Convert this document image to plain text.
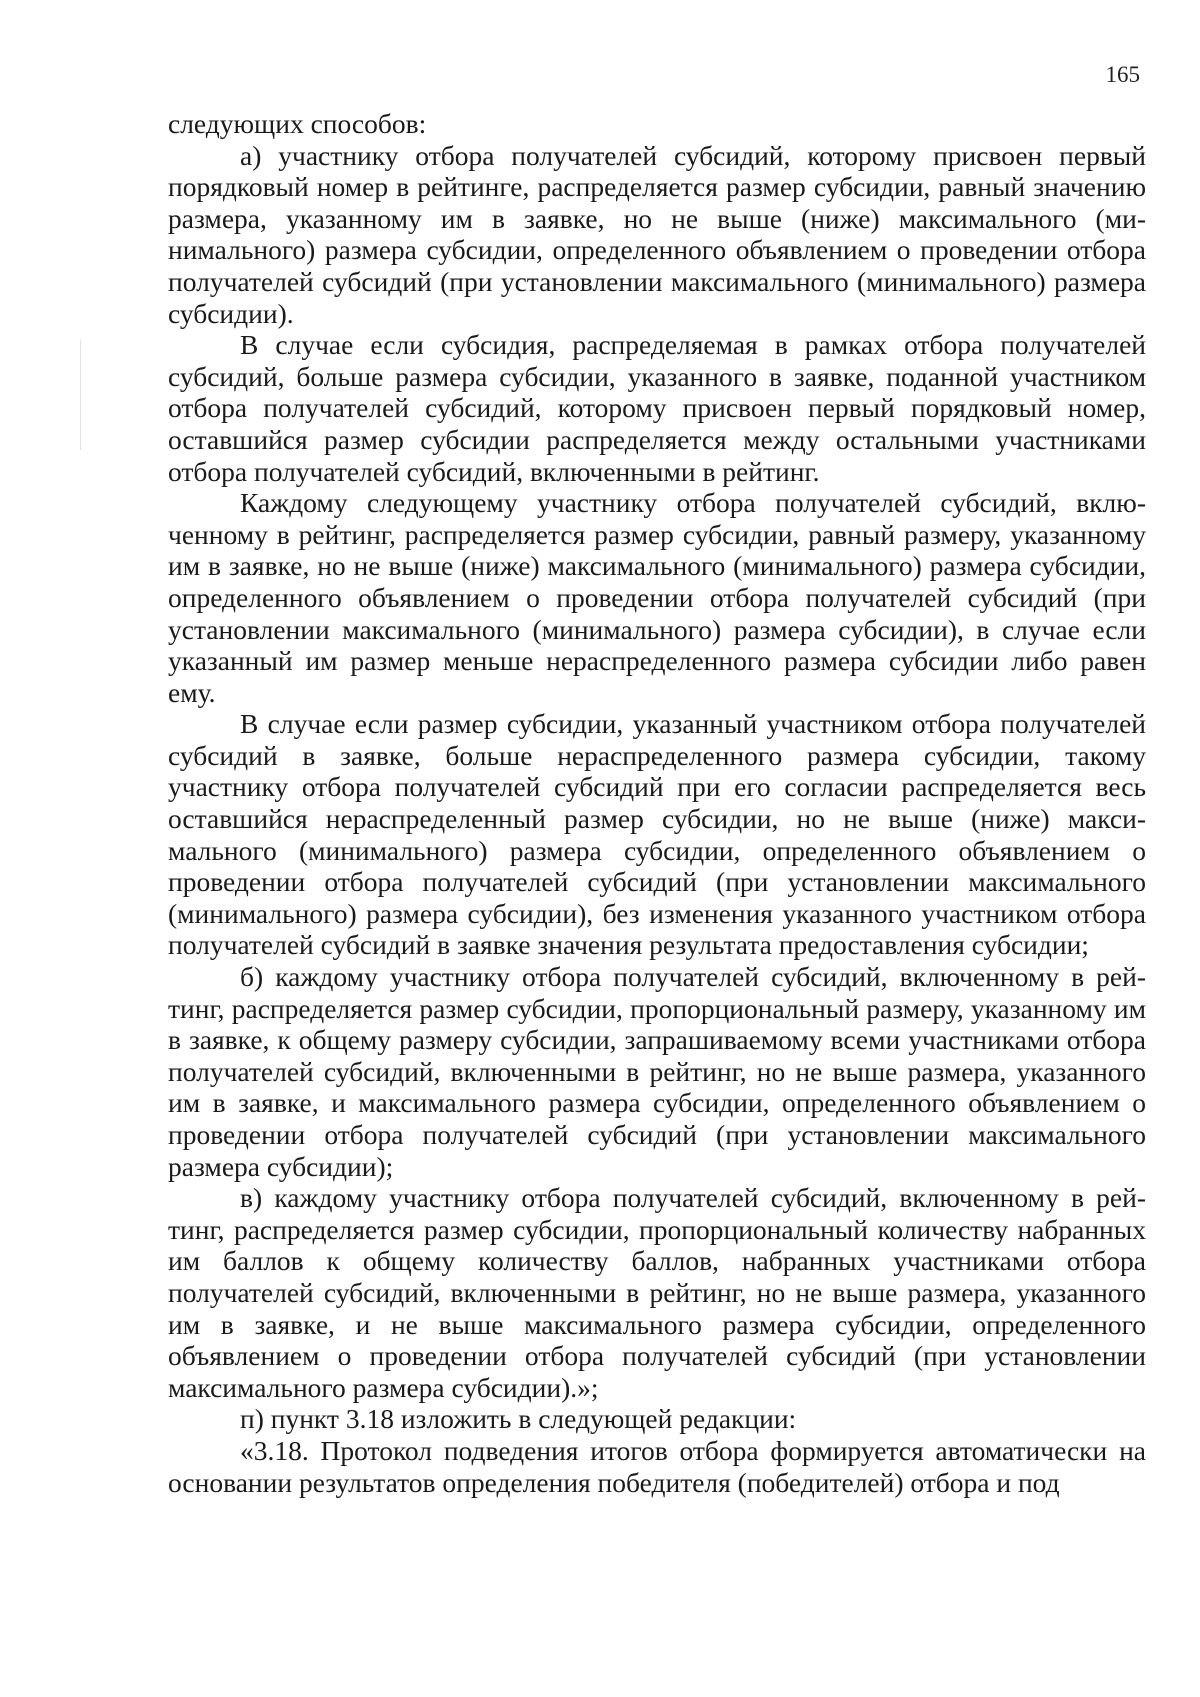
165

следующих способов:

а) участнику отбора получателей субсидий, которому присвоен первый порядковый номер в рейтинге, распределяется размер субсидии, равный значению размера, указанному им в заявке, но не выше (ниже) максимального (минимального) размера субсидии, определенного объявлением о проведении отбора получателей субсидий (при установлении максимального (минимального) размера субсидии).

В случае если субсидия, распределяемая в рамках отбора получателей субсидий, больше размера субсидии, указанного в заявке, поданной участником отбора получателей субсидий, которому присвоен первый порядковый номер, оставшийся размер субсидии распределяется между остальными участниками отбора получателей субсидий, включенными в рейтинг.

Каждому следующему участнику отбора получателей субсидий, включенному в рейтинг, распределяется размер субсидии, равный размеру, указанному им в заявке, но не выше (ниже) максимального (минимального) размера субсидии, определенного объявлением о проведении отбора получателей субсидий (при установлении максимального (минимального) размера субсидии), в случае если указанный им размер меньше нераспределенного размера субсидии либо равен ему.

В случае если размер субсидии, указанный участником отбора получателей субсидий в заявке, больше нераспределенного размера субсидии, такому участнику отбора получателей субсидий при его согласии распределяется весь оставшийся нераспределенный размер субсидии, но не выше (ниже) максимального (минимального) размера субсидии, определенного объявлением о проведении отбора получателей субсидий (при установлении максимального (минимального) размера субсидии), без изменения указанного участником отбора получателей субсидий в заявке значения результата предоставления субсидии;

б) каждому участнику отбора получателей субсидий, включенному в рейтинг, распределяется размер субсидии, пропорциональный размеру, указанному им в заявке, к общему размеру субсидии, запрашиваемому всеми участниками отбора получателей субсидий, включенными в рейтинг, но не выше размера, указанного им в заявке, и максимального размера субсидии, определенного объявлением о проведении отбора получателей субсидий (при установлении максимального размера субсидии);

в) каждому участнику отбора получателей субсидий, включенному в рейтинг, распределяется размер субсидии, пропорциональный количеству набранных им баллов к общему количеству баллов, набранных участниками отбора получателей субсидий, включенными в рейтинг, но не выше размера, указанного им в заявке, и не выше максимального размера субсидии, определенного объявлением о проведении отбора получателей субсидий (при установлении максимального размера субсидии).»;

п) пункт 3.18 изложить в следующей редакции:

«3.18. Протокол подведения итогов отбора формируется автоматически на основании результатов определения победителя (победителей) отбора и под
